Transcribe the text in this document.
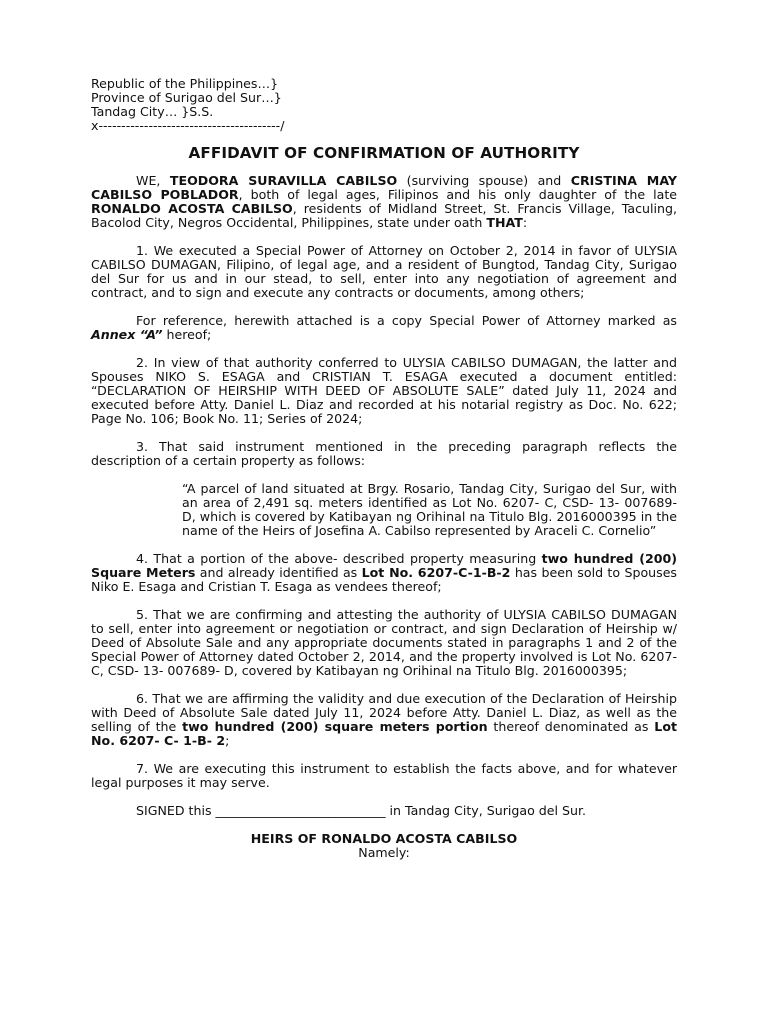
Republic of the Philippines…}

Province of Surigao del Sur…}

Tandag City… }S.S.

x----------------------------------------/

AFFIDAVIT OF CONFIRMATION OF AUTHORITY

WE, TEODORA SURAVILLA CABILSO (surviving spouse) and CRISTINA MAY CABILSO POBLADOR, both of legal ages, Filipinos and his only daughter of the late RONALDO ACOSTA CABILSO, residents of Midland Street, St. Francis Village, Taculing, Bacolod City, Negros Occidental, Philippines, state under oath THAT:

1. We executed a Special Power of Attorney on October 2, 2014 in favor of ULYSIA CABILSO DUMAGAN, Filipino, of legal age, and a resident of Bungtod, Tandag City, Surigao del Sur for us and in our stead, to sell, enter into any negotiation of agreement and contract, and to sign and execute any contracts or documents, among others;

For reference, herewith attached is a copy Special Power of Attorney marked as Annex “A” hereof;

2. In view of that authority conferred to ULYSIA CABILSO DUMAGAN, the latter and Spouses NIKO S. ESAGA and CRISTIAN T. ESAGA executed a document entitled: “DECLARATION OF HEIRSHIP WITH DEED OF ABSOLUTE SALE” dated July 11, 2024 and executed before Atty. Daniel L. Diaz and recorded at his notarial registry as Doc. No. 622; Page No. 106; Book No. 11; Series of 2024;

3. That said instrument mentioned in the preceding paragraph reflects the description of a certain property as follows:

“A parcel of land situated at Brgy. Rosario, Tandag City, Surigao del Sur, with an area of 2,491 sq. meters identified as Lot No. 6207- C, CSD- 13- 007689- D, which is covered by Katibayan ng Orihinal na Titulo Blg. 2016000395 in the name of the Heirs of Josefina A. Cabilso represented by Araceli C. Cornelio”

4. That a portion of the above- described property measuring two hundred (200) Square Meters and already identified as Lot No. 6207-C-1-B-2 has been sold to Spouses Niko E. Esaga and Cristian T. Esaga as vendees thereof;

5. That we are confirming and attesting the authority of ULYSIA CABILSO DUMAGAN to sell, enter into agreement or negotiation or contract, and sign Declaration of Heirship w/ Deed of Absolute Sale and any appropriate documents stated in paragraphs 1 and 2 of the Special Power of Attorney dated October 2, 2014, and the property involved is Lot No. 6207- C, CSD- 13- 007689- D, covered by Katibayan ng Orihinal na Titulo Blg. 2016000395;

6. That we are affirming the validity and due execution of the Declaration of Heirship with Deed of Absolute Sale dated July 11, 2024 before Atty. Daniel L. Diaz, as well as the selling of the two hundred (200) square meters portion thereof denominated as Lot No. 6207- C- 1-B- 2;

7. We are executing this instrument to establish the facts above, and for whatever legal purposes it may serve.

SIGNED this ___________________________ in Tandag City, Surigao del Sur.

HEIRS OF RONALDO ACOSTA CABILSO

Namely:
